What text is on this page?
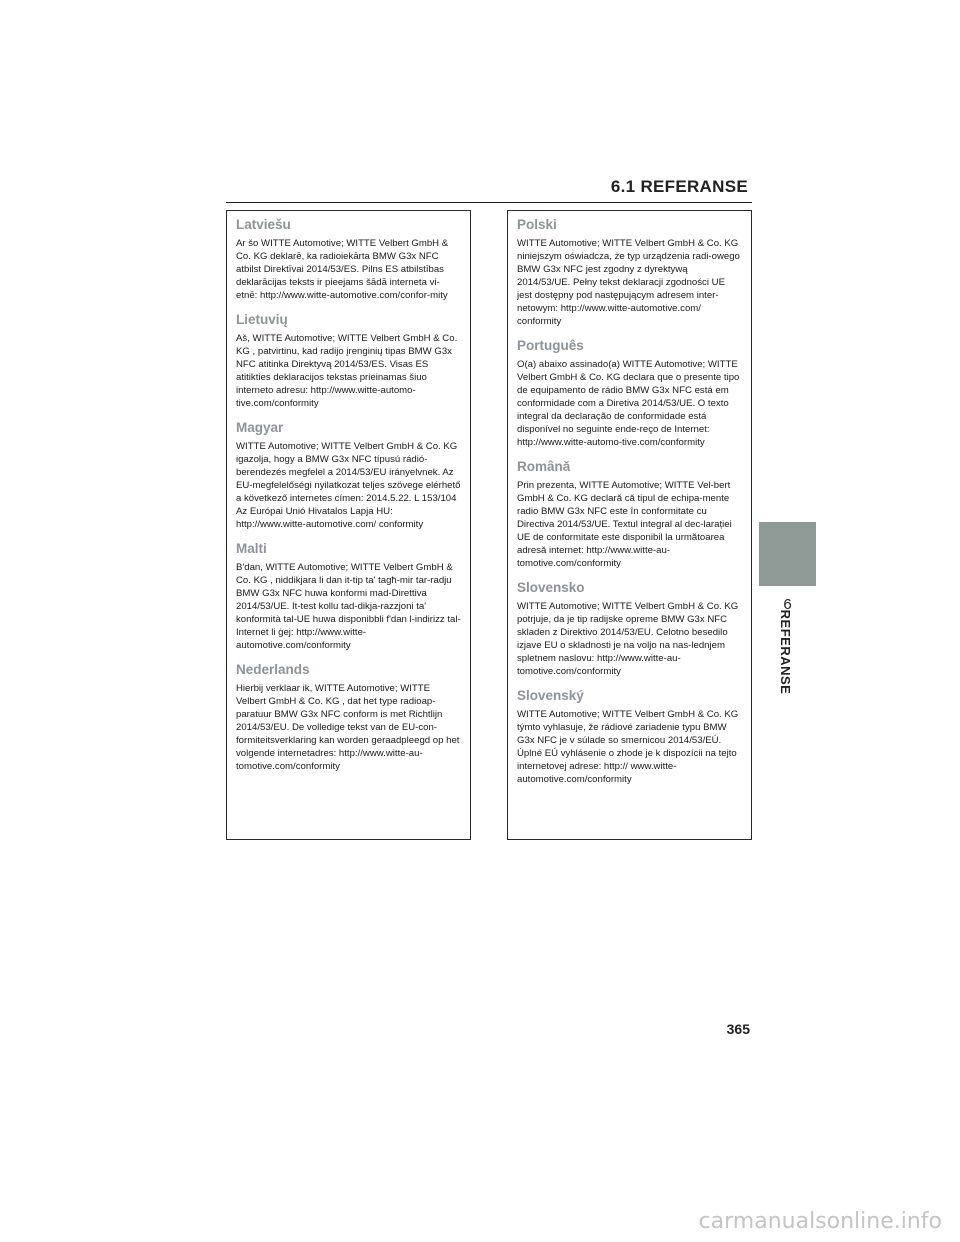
6.1 REFERANSE
Latviešu
Ar šo WITTE Automotive; WITTE Velbert GmbH & Co. KG deklarē, ka radioiekārta BMW G3x NFC atbilst Direktīvai 2014/53/ES. Pilns ES atbilstības deklarācijas teksts ir pieejams šādā interneta vi-etnē: http://www.witte-automotive.com/confor-mity
Lietuvių
Aš, WITTE Automotive; WITTE Velbert GmbH & Co. KG , patvirtinu, kad radijo įrenginių tipas BMW G3x NFC atitinka Direktyvą 2014/53/ES. Visas ES atitikties deklaracijos tekstas prieinamas šiuo interneto adresu: http://www.witte-automo-tive.com/conformity
Magyar
WITTE Automotive; WITTE Velbert GmbH & Co. KG igazolja, hogy a BMW G3x NFC típusú rádió-berendezés megfelel a 2014/53/EU irányelvnek. Az EU-megfelelőségi nyilatkozat teljes szövege elérhető a következő internetes címen: 2014.5.22. L 153/104 Az Európai Unió Hivatalos Lapja HU: http://www.witte-automotive.com/ conformity
Malti
B'dan, WITTE Automotive; WITTE Velbert GmbH & Co. KG , niddikjara li dan it-tip ta' tagħ-mir tar-radju BMW G3x NFC huwa konformi mad-Direttiva 2014/53/UE. It-test kollu tad-dikja-razzjoni ta' konformità tal-UE huwa disponibbli f'dan l-indirizz tal-Internet li ġej: http://www.witte-automotive.com/conformity
Nederlands
Hierbij verklaar ik, WITTE Automotive; WITTE Velbert GmbH & Co. KG , dat het type radioap-paratuur BMW G3x NFC conform is met Richtlijn 2014/53/EU. De volledige tekst van de EU-con-formiteitsverklaring kan worden geraadpleegd op het volgende internetadres: http://www.witte-au-tomotive.com/conformity
Polski
WITTE Automotive; WITTE Velbert GmbH & Co. KG niniejszym oświadcza, że typ urządzenia radi-owego BMW G3x NFC jest zgodny z dyrektywą 2014/53/UE. Pełny tekst deklaracji zgodności UE jest dostępny pod następującym adresem inter-netowym: http://www.witte-automotive.com/ conformity
Português
O(a) abaixo assinado(a) WITTE Automotive; WITTE Velbert GmbH & Co. KG declara que o presente tipo de equipamento de rádio BMW G3x NFC está em conformidade com a Diretiva 2014/53/UE. O texto integral da declaração de conformidade está disponível no seguinte ende-reço de Internet: http://www.witte-automo-tive.com/conformity
Română
Prin prezenta, WITTE Automotive; WITTE Vel-bert GmbH & Co. KG declară că tipul de echipa-mente radio BMW G3x NFC este în conformitate cu Directiva 2014/53/UE. Textul integral al dec-larației UE de conformitate este disponibil la următoarea adresă internet: http://www.witte-au-tomotive.com/conformity
Slovensko
WITTE Automotive; WITTE Velbert GmbH & Co. KG potrjuje, da je tip radijske opreme BMW G3x NFC skladen z Direktivo 2014/53/EU. Celotno besedilo izjave EU o skladnosti je na voljo na nas-lednjem spletnem naslovu: http://www.witte-au-tomotive.com/conformity
Slovenský
WITTE Automotive; WITTE Velbert GmbH & Co. KG týmto vyhlasuje, že rádiové zariadenie typu BMW G3x NFC je v súlade so smernicou 2014/53/EÚ. Úplné EÚ vyhlásenie o zhode je k dispozícii na tejto internetovej adrese: http:// www.witte-automotive.com/conformity
6
REFERANSE
365
carmanualsonline.info
